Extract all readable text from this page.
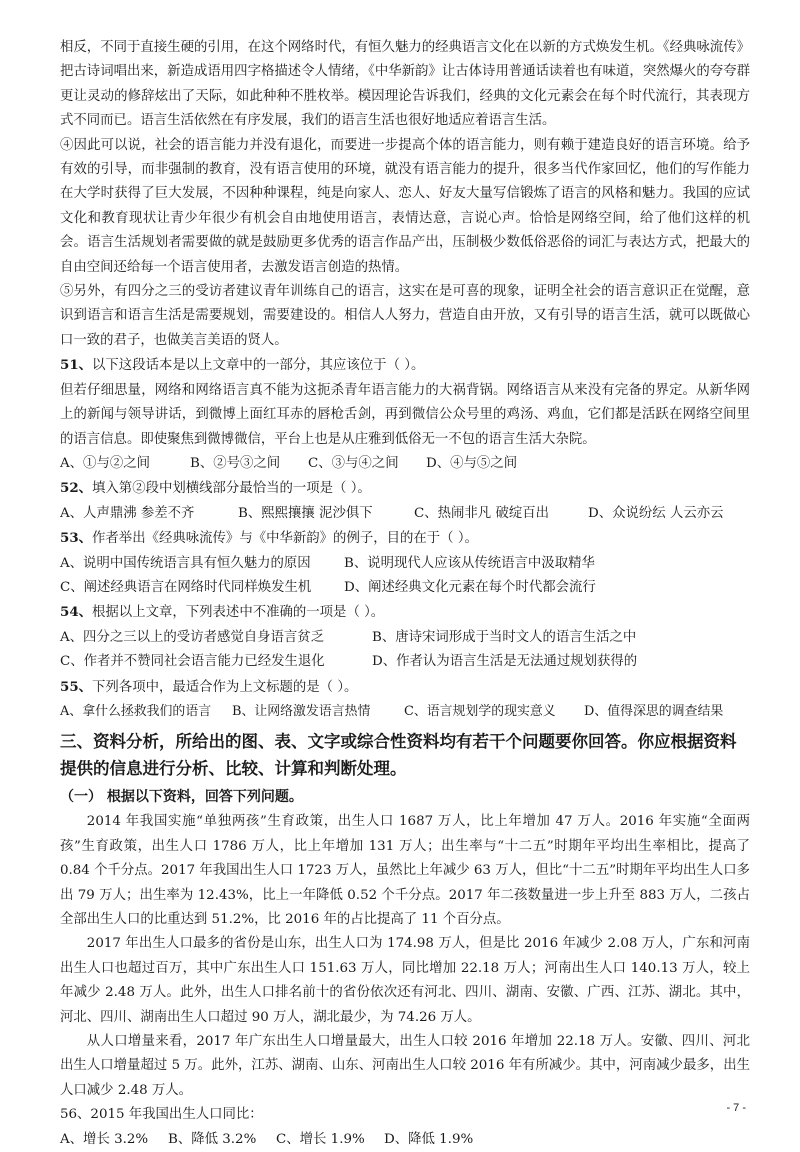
相反，不同于直接生硬的引用，在这个网络时代，有恒久魅力的经典语言文化在以新的方式焕发生机。《经典咏流传》把古诗词唱出来，新造成语用四字格描述令人情绪，《中华新韵》让古体诗用普通话读着也有味道，突然爆火的夸夸群更让灵动的修辞炫出了天际，如此种种不胜枚举。模因理论告诉我们，经典的文化元素会在每个时代流行，其表现方式不同而已。语言生活依然在有序发展，我们的语言生活也很好地适应着语言生活。

④因此可以说，社会的语言能力并没有退化，而要进一步提高个体的语言能力，则有赖于建造良好的语言环境。给予有效的引导，而非强制的教育，没有语言使用的环境，就没有语言能力的提升，很多当代作家回忆，他们的写作能力在大学时获得了巨大发展，不因种种课程，纯是向家人、恋人、好友大量写信锻炼了语言的风格和魅力。我国的应试文化和教育现状让青少年很少有机会自由地使用语言，表情达意，言说心声。恰恰是网络空间，给了他们这样的机会。语言生活规划者需要做的就是鼓励更多优秀的语言作品产出，压制极少数低俗恶俗的词汇与表达方式，把最大的自由空间还给每一个语言使用者，去激发语言创造的热情。

⑤另外，有四分之三的受访者建议青年训练自己的语言，这实在是可喜的现象，证明全社会的语言意识正在觉醒，意识到语言和语言生活是需要规划，需要建设的。相信人人努力，营造自由开放，又有引导的语言生活，就可以既做心口一致的君子，也做美言美语的贤人。

51、以下这段话本是以上文章中的一部分，其应该位于（ ）。

但若仔细思量，网络和网络语言真不能为这扼杀青年语言能力的大祸背锅。网络语言从来没有完备的界定。从新华网上的新闻与领导讲话，到微博上面红耳赤的唇枪舌剑，再到微信公众号里的鸡汤、鸡血，它们都是活跃在网络空间里的语言信息。即使聚焦到微博微信，平台上也是从庄雅到低俗无一不包的语言生活大杂院。

A、①与②之间	B、②号③之间 C、③与④之间 D、④与⑤之间

52、填入第②段中划横线部分最恰当的一项是（ ）。

A、人声鼎沸 参差不齐	B、熙熙攘攘 泥沙俱下	C、热闹非凡 破绽百出	D、众说纷纭 人云亦云

53、作者举出《经典咏流传》与《中华新韵》的例子，目的在于（ ）。

A、说明中国传统语言具有恒久魅力的原因 B、说明现代人应该从传统语言中汲取精华

C、阐述经典语言在网络时代同样焕发生机 D、阐述经典文化元素在每个时代都会流行

54、根据以上文章，下列表述中不准确的一项是（ ）。

A、四分之三以上的受访者感觉自身语言贫乏	B、唐诗宋词形成于当时文人的语言生活之中

C、作者并不赞同社会语言能力已经发生退化	D、作者认为语言生活是无法通过规划获得的

55、下列各项中，最适合作为上文标题的是（ ）。

A、拿什么拯救我们的语言 B、让网络激发语言热情	C、语言规划学的现实意义 D、值得深思的调查结果

三、资料分析，所给出的图、表、文字或综合性资料均有若干个问题要你回答。你应根据资料提供的信息进行分析、比较、计算和判断处理。

（一） 根据以下资料，回答下列问题。

2014 年我国实施“单独两孩”生育政策，出生人口 1687 万人，比上年增加 47 万人。2016 年实施“全面两孩”生育政策，出生人口 1786 万人，比上年增加 131 万人；出生率与“十二五”时期年平均出生率相比，提高了 0.84 个千分点。2017 年我国出生人口 1723 万人，虽然比上年减少 63 万人，但比“十二五”时期年平均出生人口多出 79 万人；出生率为 12.43%，比上一年降低 0.52 个千分点。2017 年二孩数量进一步上升至 883 万人，二孩占全部出生人口的比重达到 51.2%，比 2016 年的占比提高了 11 个百分点。

2017 年出生人口最多的省份是山东，出生人口为 174.98 万人，但是比 2016 年减少 2.08 万人，广东和河南出生人口也超过百万，其中广东出生人口 151.63 万人，同比增加 22.18 万人；河南出生人口 140.13 万人，较上年减少 2.48 万人。此外，出生人口排名前十的省份依次还有河北、四川、湖南、安徽、广西、江苏、湖北。其中，河北、四川、湖南出生人口超过 90 万人，湖北最少，为 74.26 万人。

从人口增量来看，2017 年广东出生人口增量最大，出生人口较 2016 年增加 22.18 万人。安徽、四川、河北出生人口增量超过 5 万。此外，江苏、湖南、山东、河南出生人口较 2016 年有所减少。其中，河南减少最多，出生人口减少 2.48 万人。

56、2015 年我国出生人口同比：

A、增长 3.2% B、降低 3.2% C、增长 1.9% D、降低 1.9%

- 7 -
